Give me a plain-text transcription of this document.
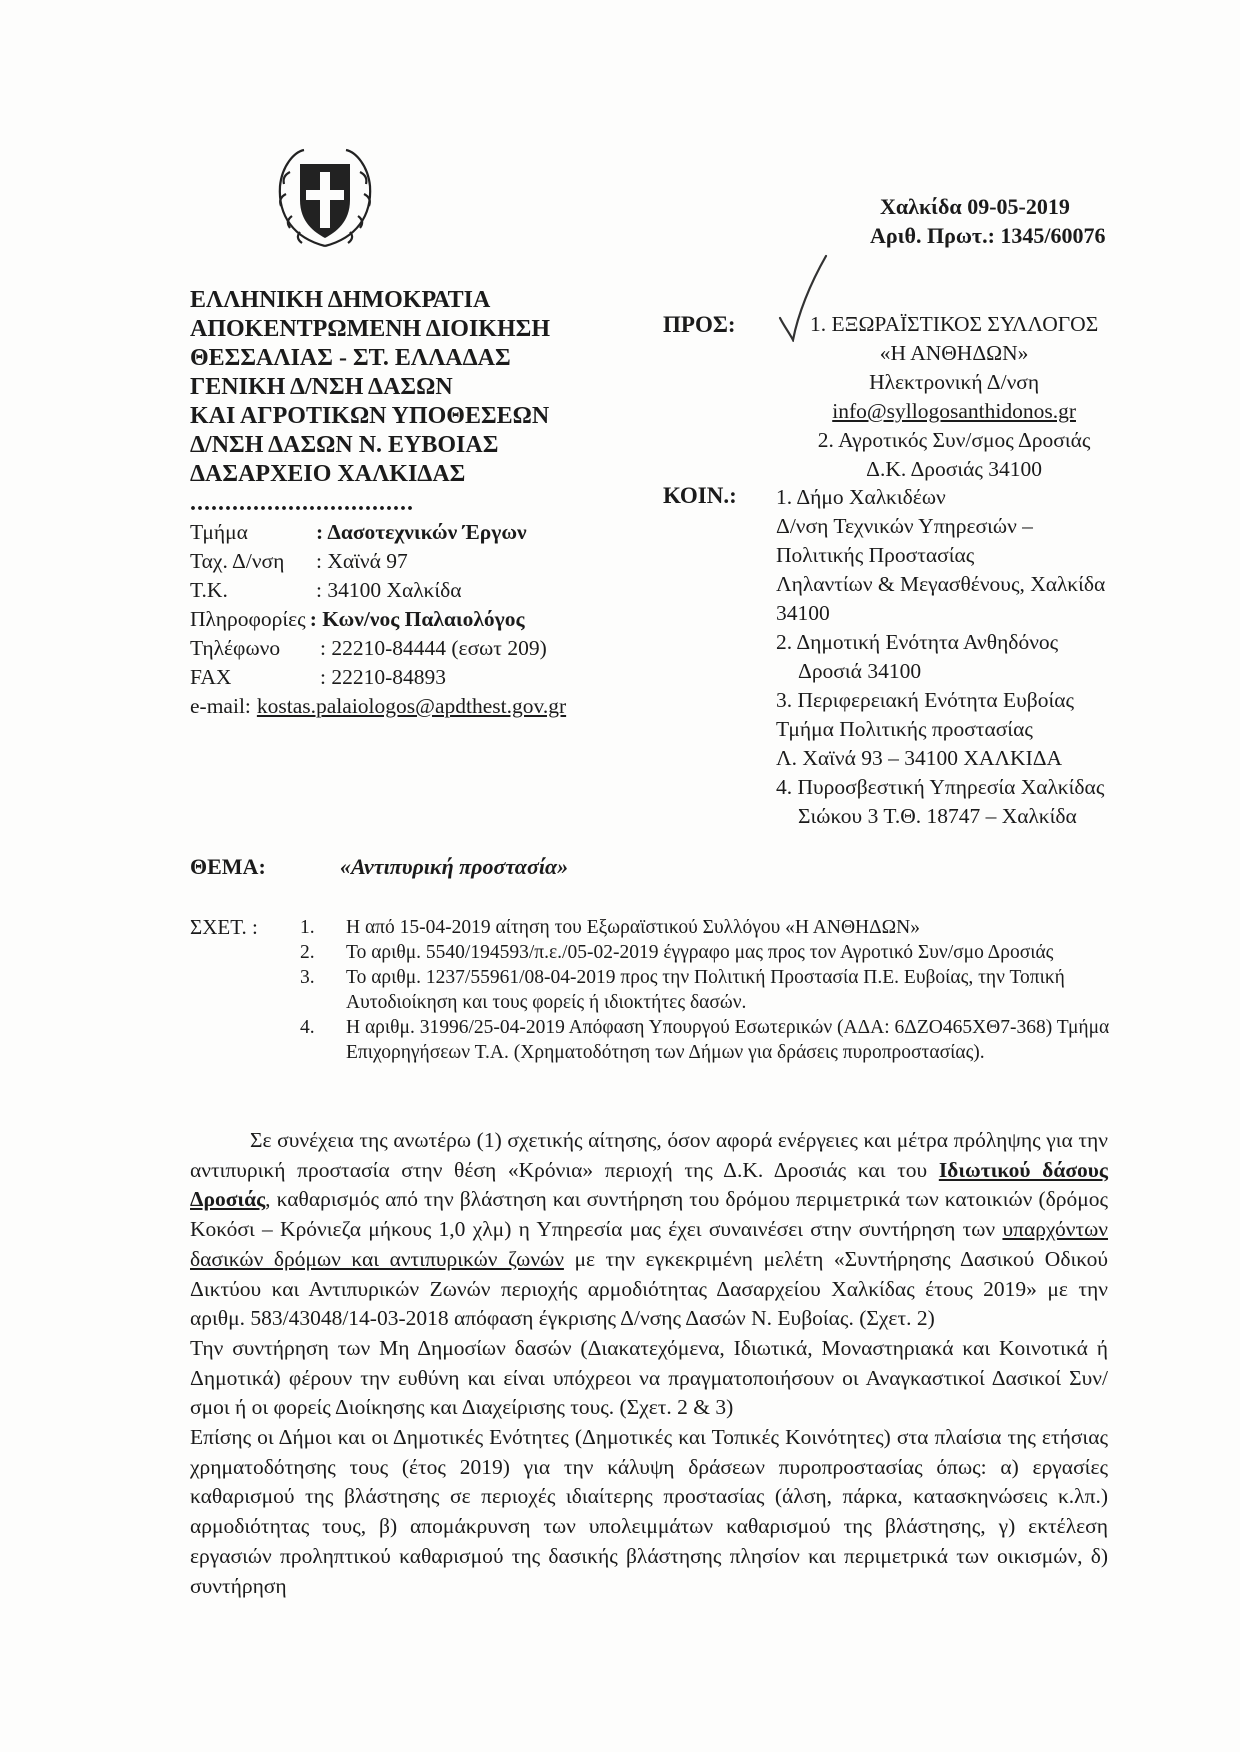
Χαλκίδα 09-05-2019
Αριθ. Πρωτ.: 1345/60076
ΕΛΛΗΝΙΚΗ ΔΗΜΟΚΡΑΤΙΑ
ΑΠΟΚΕΝΤΡΩΜΕΝΗ ΔΙΟΙΚΗΣΗ
ΘΕΣΣΑΛΙΑΣ - ΣΤ. ΕΛΛΑΔΑΣ
ΓΕΝΙΚΗ Δ/ΝΣΗ ΔΑΣΩΝ
ΚΑΙ ΑΓΡΟΤΙΚΩΝ ΥΠΟΘΕΣΕΩΝ
Δ/ΝΣΗ ΔΑΣΩΝ Ν. ΕΥΒΟΙΑΣ
ΔΑΣΑΡΧΕΙΟ ΧΑΛΚΙΔΑΣ
................................
Τμήμα	: Δασοτεχνικών Έργων
Ταχ. Δ/νση	: Χαϊνά 97
Τ.Κ.	: 34100 Χαλκίδα
Πληροφορίες : Κων/νος Παλαιολόγος
Τηλέφωνο	: 22210-84444 (εσωτ 209)
FAX	: 22210-84893
e-mail: kostas.palaiologos@apdthest.gov.gr
ΠΡΟΣ:	1. ΕΞΩΡΑΪΣΤΙΚΟΣ ΣΥΛΛΟΓΟΣ
«Η ΑΝΘΗΔΩΝ»
Ηλεκτρονική Δ/νση
info@syllogosanthidonos.gr
2. Αγροτικός Συν/σμος Δροσιάς
Δ.Κ. Δροσιάς 34100
ΚΟΙΝ.: 1. Δήμο Χαλκιδέων
Δ/νση Τεχνικών Υπηρεσιών –
Πολιτικής Προστασίας
Ληλαντίων & Μεγασθένους, Χαλκίδα
34100
2. Δημοτική Ενότητα Ανθηδόνος
Δροσιά 34100
3. Περιφερειακή Ενότητα Ευβοίας
Τμήμα Πολιτικής προστασίας
Λ. Χαϊνά 93 – 34100 ΧΑΛΚΙΔΑ
4. Πυροσβεστική Υπηρεσία Χαλκίδας
Σιώκου 3 Τ.Θ. 18747 – Χαλκίδα
ΘΕΜΑ:	«Αντιπυρική προστασία»
ΣΧΕΤ. : 1.	Η από 15-04-2019 αίτηση του Εξωραϊστικού Συλλόγου «Η ΑΝΘΗΔΩΝ»
2.	Το αριθμ. 5540/194593/π.ε./05-02-2019 έγγραφο μας προς τον Αγροτικό Συν/σμο Δροσιάς
3.	Το αριθμ. 1237/55961/08-04-2019 προς την Πολιτική Προστασία Π.Ε. Ευβοίας, την Τοπική Αυτοδιοίκηση και τους φορείς ή ιδιοκτήτες δασών.
4.	Η αριθμ. 31996/25-04-2019 Απόφαση Υπουργού Εσωτερικών (ΑΔΑ: 6ΔΖΟ465ΧΘ7-368) Τμήμα Επιχορηγήσεων Τ.Α. (Χρηματοδότηση των Δήμων για δράσεις πυροπροστασίας).

Σε συνέχεια της ανωτέρω (1) σχετικής αίτησης, όσον αφορά ενέργειες και μέτρα πρόληψης για την αντιπυρική προστασία στην θέση «Κρόνια» περιοχή της Δ.Κ. Δροσιάς και του Ιδιωτικού δάσους Δροσιάς, καθαρισμός από την βλάστηση και συντήρηση του δρόμου περιμετρικά των κατοικιών (δρόμος Κοκόσι – Κρόνιεζα μήκους 1,0 χλμ) η Υπηρεσία μας έχει συναινέσει στην συντήρηση των υπαρχόντων δασικών δρόμων και αντιπυρικών ζωνών με την εγκεκριμένη μελέτη «Συντήρησης Δασικού Οδικού Δικτύου και Αντιπυρικών Ζωνών περιοχής αρμοδιότητας Δασαρχείου Χαλκίδας έτους 2019» με την αριθμ. 583/43048/14-03-2018 απόφαση έγκρισης Δ/νσης Δασών Ν. Ευβοίας. (Σχετ. 2)

Την συντήρηση των Μη Δημοσίων δασών (Διακατεχόμενα, Ιδιωτικά, Μοναστηριακά και Κοινοτικά ή Δημοτικά) φέρουν την ευθύνη και είναι υπόχρεοι να πραγματοποιήσουν οι Αναγκαστικοί Δασικοί Συν/σμοι ή οι φορείς Διοίκησης και Διαχείρισης τους. (Σχετ. 2 & 3)

Επίσης οι Δήμοι και οι Δημοτικές Ενότητες (Δημοτικές και Τοπικές Κοινότητες) στα πλαίσια της ετήσιας χρηματοδότησης τους (έτος 2019) για την κάλυψη δράσεων πυροπροστασίας όπως: α) εργασίες καθαρισμού της βλάστησης σε περιοχές ιδιαίτερης προστασίας (άλση, πάρκα, κατασκηνώσεις κ.λπ.) αρμοδιότητας τους, β) απομάκρυνση των υπολειμμάτων καθαρισμού της βλάστησης, γ) εκτέλεση εργασιών προληπτικού καθαρισμού της δασικής βλάστησης πλησίον και περιμετρικά των οικισμών, δ) συντήρηση
